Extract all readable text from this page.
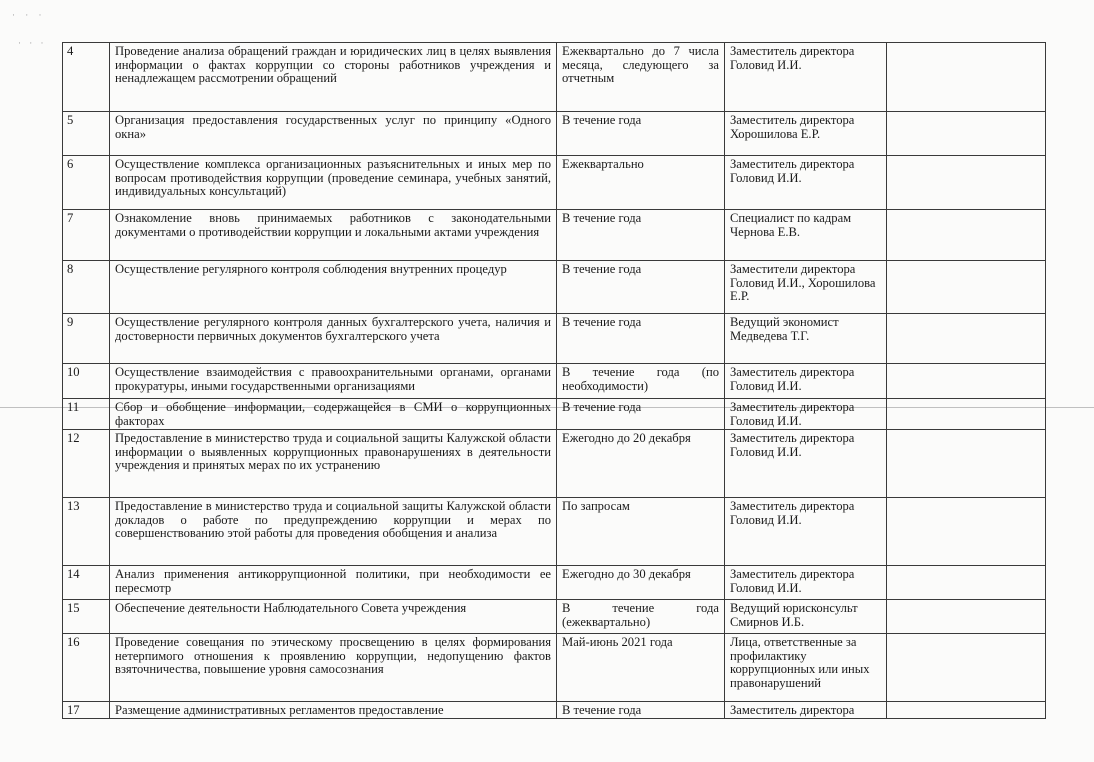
· · ·
· · ·
4	Проведение анализа обращений граждан и юридических лиц в целях выявления информации о фактах коррупции со стороны работников учреждения и ненадлежащем рассмотрении обращений	Ежеквартально до 7 числа месяца, следующего за отчетным	Заместитель директора Головид И.И.	
5	Организация предоставления государственных услуг по принципу «Одного окна»	В течение года	Заместитель директора Хорошилова Е.Р.	
6	Осуществление комплекса организационных разъяснительных и иных мер по вопросам противодействия коррупции (проведение семинара, учебных занятий, индивидуальных консультаций)	Ежеквартально	Заместитель директора Головид И.И.	
7	Ознакомление вновь принимаемых работников с законодательными документами о противодействии коррупции и локальными актами учреждения	В течение года	Специалист по кадрам Чернова Е.В.	
8	Осуществление регулярного контроля соблюдения внутренних процедур	В течение года	Заместители директора Головид И.И., Хорошилова Е.Р.	
9	Осуществление регулярного контроля данных бухгалтерского учета, наличия и достоверности первичных документов бухгалтерского учета	В течение года	Ведущий экономист Медведева Т.Г.	
10	Осуществление взаимодействия с правоохранительными органами, органами прокуратуры, иными государственными организациями	В течение года (по необходимости)	Заместитель директора Головид И.И.	
11	Сбор и обобщение информации, содержащейся в СМИ о коррупционных факторах	В течение года	Заместитель директора Головид И.И.	
12	Предоставление в министерство труда и социальной защиты Калужской области информации о выявленных коррупционных правонарушениях в деятельности учреждения и принятых мерах по их устранению	Ежегодно до 20 декабря	Заместитель директора Головид И.И.	
13	Предоставление в министерство труда и социальной защиты Калужской области докладов о работе по предупреждению коррупции и мерах по совершенствованию этой работы для проведения обобщения и анализа	По запросам	Заместитель директора Головид И.И.	
14	Анализ применения антикоррупционной политики, при необходимости ее пересмотр	Ежегодно до 30 декабря	Заместитель директора Головид И.И.	
15	Обеспечение деятельности Наблюдательного Совета учреждения	В течение года (ежеквартально)	Ведущий юрисконсульт Смирнов И.Б.	
16	Проведение совещания по этическому просвещению в целях формирования нетерпимого отношения к проявлению коррупции, недопущению фактов взяточничества, повышение уровня самосознания	Май-июнь 2021 года	Лица, ответственные за профилактику коррупционных или иных правонарушений	
17	Размещение административных регламентов предоставление	В течение года	Заместитель директора	
